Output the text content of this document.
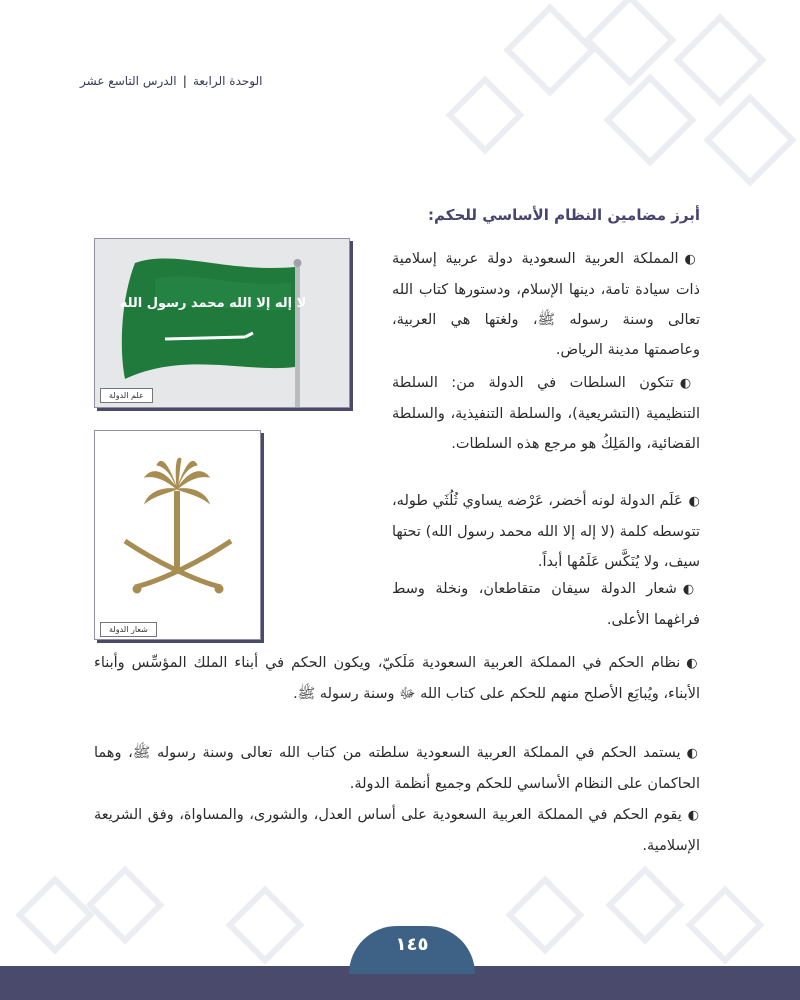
الوحدة الرابعة|الدرس التاسع عشر
أبرز مضامين النظام الأساسي للحكم:
◐المملكة العربية السعودية دولة عربية إسلامية ذات سيادة تامة، دينها الإسلام، ودستورها كتاب الله تعالى وسنة رسوله ﷺ، ولغتها هي العربية، وعاصمتها مدينة الرياض.
◐تتكون السلطات في الدولة من: السلطة التنظيمية (التشريعية)، والسلطة التنفيذية، والسلطة القضائية، والمَلِكُ هو مرجع هذه السلطات.
◐عَلَم الدولة لونه أخضر، عَرْضه يساوي ثُلُثَي طوله، تتوسطه كلمة (لا إله إلا الله محمد رسول الله) تحتها سيف، ولا يُنَكَّس عَلَمُها أبداً.
◐شعار الدولة سيفان متقاطعان، ونخلة وسط فراغهما الأعلى.
◐نظام الحكم في المملكة العربية السعودية مَلَكيّ، ويكون الحكم في أبناء الملك المؤسِّس وأبناء الأبناء، ويُبايَع الأصلح منهم للحكم على كتاب الله ﷻ وسنة رسوله ﷺ.
◐يستمد الحكم في المملكة العربية السعودية سلطته من كتاب الله تعالى وسنة رسوله ﷺ، وهما الحاكمان على النظام الأساسي للحكم وجميع أنظمة الدولة.
◐يقوم الحكم في المملكة العربية السعودية على أساس العدل، والشورى، والمساواة، وفق الشريعة الإسلامية.
لا إله إلا الله محمد رسول الله
علم الدولة
شعار الدولة
١٤٥
